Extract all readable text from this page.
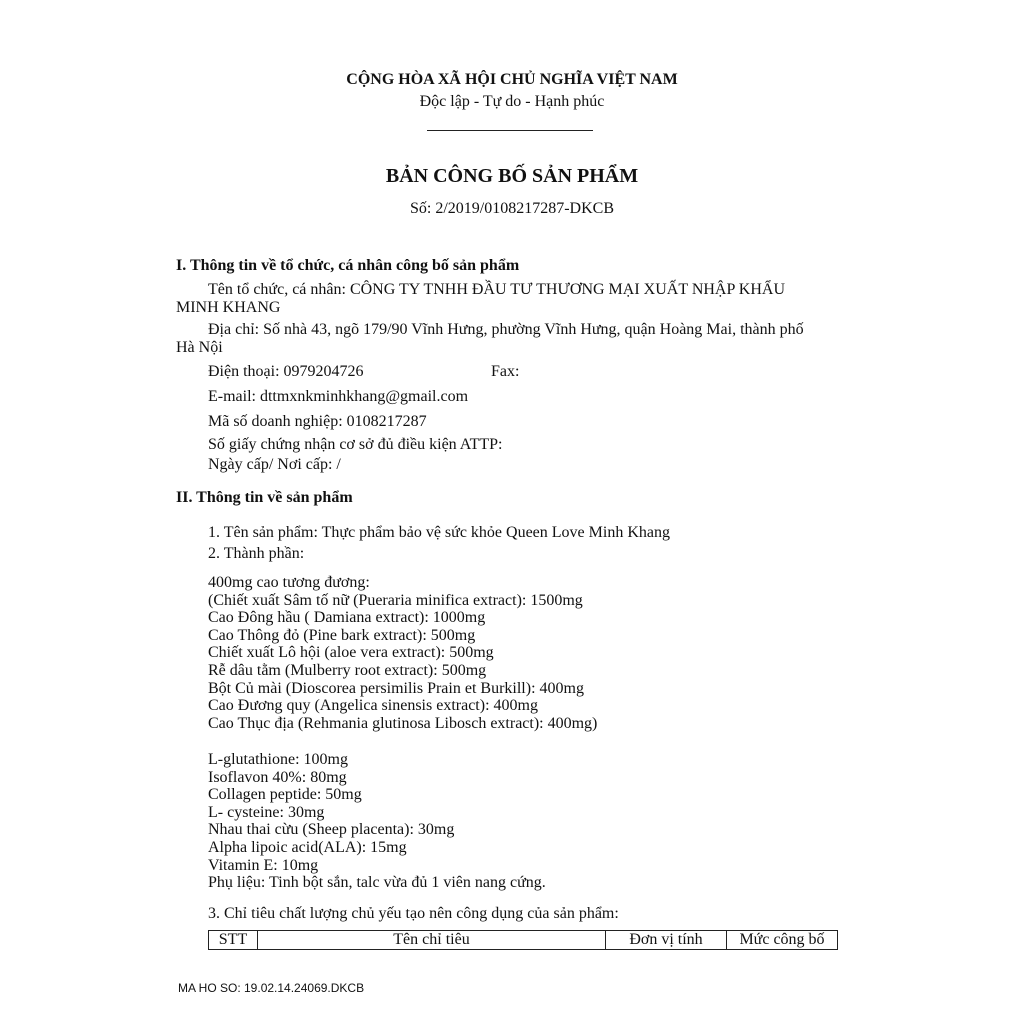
CỘNG HÒA XÃ HỘI CHỦ NGHĨA VIỆT NAM
Độc lập - Tự do - Hạnh phúc
BẢN CÔNG BỐ SẢN PHẨM
Số: 2/2019/0108217287-DKCB
I. Thông tin về tổ chức, cá nhân công bố sản phẩm
Tên tổ chức, cá nhân: CÔNG TY TNHH ĐẦU TƯ THƯƠNG MẠI XUẤT NHẬP KHẨU
MINH KHANG
Địa chỉ: Số nhà 43, ngõ 179/90 Vĩnh Hưng, phường Vĩnh Hưng, quận Hoàng Mai, thành phố
Hà Nội
Điện thoại: 0979204726	Fax:
E-mail: dttmxnkminhkhang@gmail.com
Mã số doanh nghiệp: 0108217287
Số giấy chứng nhận cơ sở đủ điều kiện ATTP:
Ngày cấp/ Nơi cấp: /
II. Thông tin về sản phẩm
1. Tên sản phẩm: Thực phẩm bảo vệ sức khỏe Queen Love Minh Khang
2. Thành phần:
400mg cao tương đương:
(Chiết xuất Sâm tố nữ (Pueraria minifica extract): 1500mg
Cao Đông hầu ( Damiana extract): 1000mg
Cao Thông đỏ (Pine bark extract): 500mg
Chiết xuất Lô hội (aloe vera extract): 500mg
Rễ dâu tằm (Mulberry root extract): 500mg
Bột Củ mài (Dioscorea persimilis Prain et Burkill): 400mg
Cao Đương quy (Angelica sinensis extract): 400mg
Cao Thục địa (Rehmania glutinosa Libosch extract): 400mg)
L-glutathione: 100mg
Isoflavon 40%: 80mg
Collagen peptide: 50mg
L- cysteine: 30mg
Nhau thai cừu (Sheep placenta): 30mg
Alpha lipoic acid(ALA): 15mg
Vitamin E: 10mg
Phụ liệu: Tinh bột sắn, talc vừa đủ 1 viên nang cứng.
3. Chỉ tiêu chất lượng chủ yếu tạo nên công dụng của sản phẩm:
STT	Tên chỉ tiêu	Đơn vị tính	Mức công bố
MA HO SO: 19.02.14.24069.DKCB
